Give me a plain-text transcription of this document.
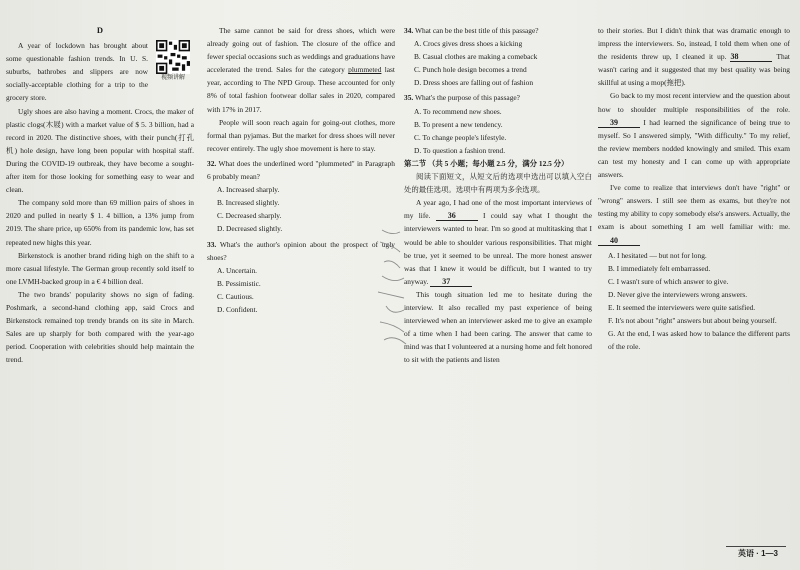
D
视频讲解

A year of lockdown has brought about some questionable fashion trends. In U. S. suburbs, bathrobes and slippers are now socially-acceptable clothing for a trip to the grocery store.

Ugly shoes are also having a moment. Crocs, the maker of plastic clogs(木屐) with a market value of $ 5. 3 billion, had a record in 2020. The distinctive shoes, with their punch(打孔机) hole design, have long been popular with hospital staff. During the COVID-19 outbreak, they have become a sought-after item for those looking for something easy to wear and clean.

The company sold more than 69 million pairs of shoes in 2020 and pulled in nearly $ 1. 4 billion, a 13% jump from 2019. The share price, up 650% from its pandemic low, has set repeated new highs this year.

Birkenstock is another brand riding high on the shift to a more casual lifestyle. The German group recently sold itself to one LVMH-backed group in a € 4 billion deal.

The two brands' popularity shows no sign of fading. Poshmark, a second-hand clothing app, said Crocs and Birkenstock remained top trendy brands on its site in March. Sales are up sharply for both compared with the year-ago period. Cooperation with celebrities should help maintain the trend.

The same cannot be said for dress shoes, which were already going out of fashion. The closure of the office and fewer special occasions such as weddings and graduations have accelerated the trend. Sales for the category plummeted last year, according to The NPD Group. These accounted for only 8% of total fashion footwear dollar sales in 2020, compared with 17% in 2017.

People will soon reach again for going-out clothes, more formal than pyjamas. But the market for dress shoes will never recover entirely. The ugly shoe movement is here to stay.

32. What does the underlined word "plummeted" in Paragraph 6 probably mean?

A. Increased sharply.

B. Increased slightly.

C. Decreased sharply.

D. Decreased slightly.

33. What's the author's opinion about the prospect of ugly shoes?

A. Uncertain.

B. Pessimistic.

C. Cautious.

D. Confident.

34. What can be the best title of this passage?

A. Crocs gives dress shoes a kicking

B. Casual clothes are making a comeback

C. Punch hole design becomes a trend

D. Dress shoes are falling out of fashion

35. What's the purpose of this passage?

A. To recommend new shoes.

B. To present a new tendency.

C. To change people's lifestyle.

D. To question a fashion trend.

第二节 （共 5 小题；每小题 2.5 分，满分 12.5 分）

阅读下面短文，从短文后的选项中选出可以填入空白处的最佳选项。选项中有两项为多余选项。

A year ago, I had one of the most important interviews of my life. 36	I could say what I thought the interviewers wanted to hear. I'm so good at multitasking that I would be able to shoulder various responsibilities. That might be true, yet it seemed to be unreal. The more honest answer was that I knew it would be difficult, but I wanted to try anyway. 37

This tough situation led me to hesitate during the interview. It also recalled my past experience of being interviewed when an interviewer asked me to give an example of a time when I had been caring. The answer that came to mind was that I volunteered at a nursing home and felt honored to sit with the patients and listen

to their stories. But I didn't think that was dramatic enough to impress the interviewers. So, instead, I told them when one of the residents threw up, I cleaned it up. 38	That wasn't caring and it suggested that my best quality was being skillful at using a mop(拖把).

Go back to my most recent interview and the question about how to shoulder multiple responsibilities of the role. 39	I had learned the significance of being true to myself. So I answered simply, "With difficulty." To my relief, the review members nodded knowingly and smiled. This exam can test my honesty and I can come up with appropriate answers.

I've come to realize that interviews don't have "right" or "wrong" answers. I still see them as exams, but they're not testing my ability to copy somebody else's answers. Actually, the exam is about something I am well familiar with: me. 40

A. I hesitated — but not for long.

B. I immediately felt embarrassed.

C. I wasn't sure of which answer to give.

D. Never give the interviewers wrong answers.

E. It seemed the interviewers were quite satisfied.

F. It's not about "right" answers but about being yourself.

G. At the end, I was asked how to balance the different parts of the role.

英语 · 1—3
